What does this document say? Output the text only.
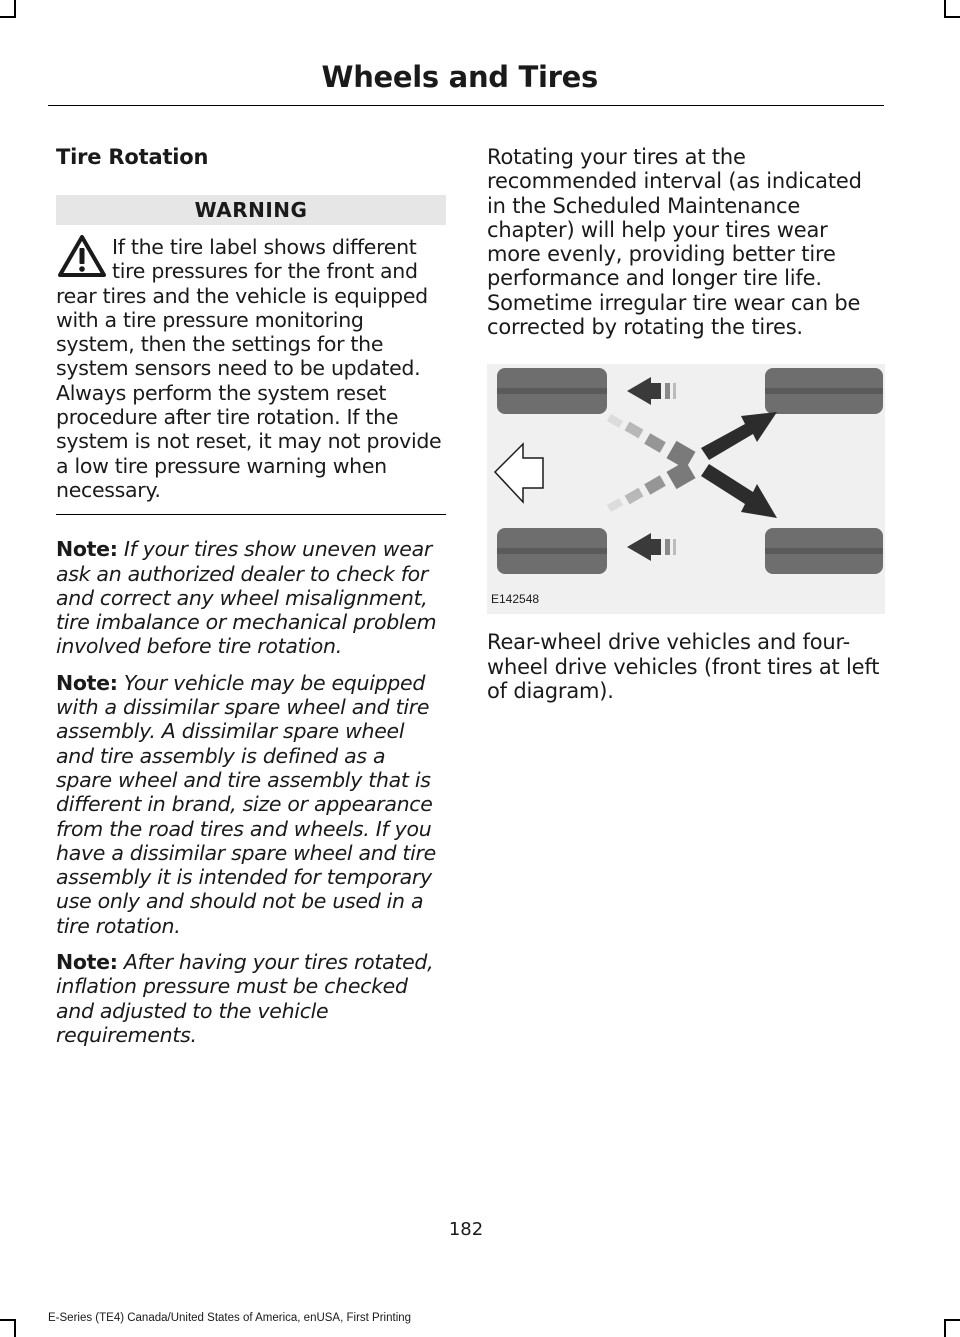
Wheels and Tires
Tire Rotation
WARNING
If the tire label shows different tire pressures for the front and rear tires and the vehicle is equipped with a tire pressure monitoring system, then the settings for the system sensors need to be updated. Always perform the system reset procedure after tire rotation. If the system is not reset, it may not provide a low tire pressure warning when necessary.

Note: If your tires show uneven wear ask an authorized dealer to check for and correct any wheel misalignment, tire imbalance or mechanical problem involved before tire rotation.

Note: Your vehicle may be equipped with a dissimilar spare wheel and tire assembly. A dissimilar spare wheel and tire assembly is defined as a spare wheel and tire assembly that is different in brand, size or appearance from the road tires and wheels. If you have a dissimilar spare wheel and tire assembly it is intended for temporary use only and should not be used in a tire rotation.

Note: After having your tires rotated, inflation pressure must be checked and adjusted to the vehicle requirements.

Rotating your tires at the recommended interval (as indicated in the Scheduled Maintenance chapter) will help your tires wear more evenly, providing better tire performance and longer tire life. Sometime irregular tire wear can be corrected by rotating the tires.

E142548

Rear-wheel drive vehicles and four-wheel drive vehicles (front tires at left of diagram).

182
E-Series (TE4) Canada/United States of America, enUSA, First Printing
